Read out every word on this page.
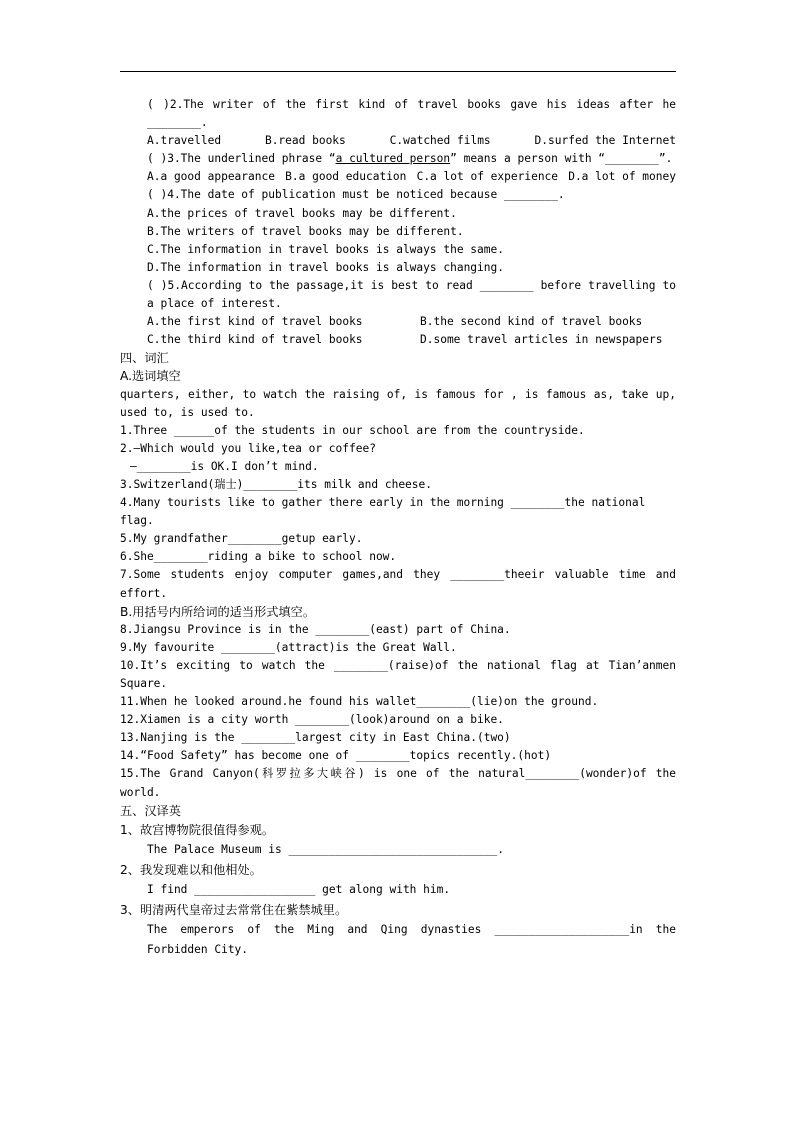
( )2.The writer of the first kind of travel books gave his ideas after he ________.

A.travelled	B.read books	C.watched films	D.surfed the Internet

( )3.The underlined phrase “a cultured person” means a person with “________”.

A.a good appearance B.a good education C.a lot of experience D.a lot of money

( )4.The date of publication must be noticed because ________.

A.the prices of travel books may be different.

B.The writers of travel books may be different.

C.The information in travel books is always the same.

D.The information in travel books is always changing.

( )5.According to the passage,it is best to read ________ before travelling to a place of interest.

A.the first kind of travel books	B.the second kind of travel books
C.the third kind of travel books	D.some travel articles in newspapers

四、词汇

A.选词填空

quarters, either, to watch the raising of, is famous for , is famous as, take up, used to, is used to.

1.Three ______of the students in our school are from the countryside.

2.—Which would you like,tea or coffee?

—________is OK.I don’t mind.

3.Switzerland(瑞士)________its milk and cheese.

4.Many tourists like to gather there early in the morning ________the national flag.

5.My grandfather________getup early.

6.She________riding a bike to school now.

7.Some students enjoy computer games,and they ________theeir valuable time and effort.

B.用括号内所给词的适当形式填空。

8.Jiangsu Province is in the ________(east) part of China.

9.My favourite ________(attract)is the Great Wall.

10.It’s exciting to watch the ________(raise)of the national flag at Tian’anmen Square.

11.When he looked around.he found his wallet________(lie)on the ground.

12.Xiamen is a city worth ________(look)around on a bike.

13.Nanjing is the ________largest city in East China.(two)

14.“Food Safety” has become one of ________topics recently.(hot)

15.The Grand Canyon(科罗拉多大峡谷) is one of the natural________(wonder)of the world.

五、汉译英

1、故宫博物院很值得参观。

The Palace Museum is _______________________________.

2、我发现难以和他相处。

I find __________________ get along with him.

3、明清两代皇帝过去常常住在紫禁城里。

The emperors of the Ming and Qing dynasties ____________________in the Forbidden City.
